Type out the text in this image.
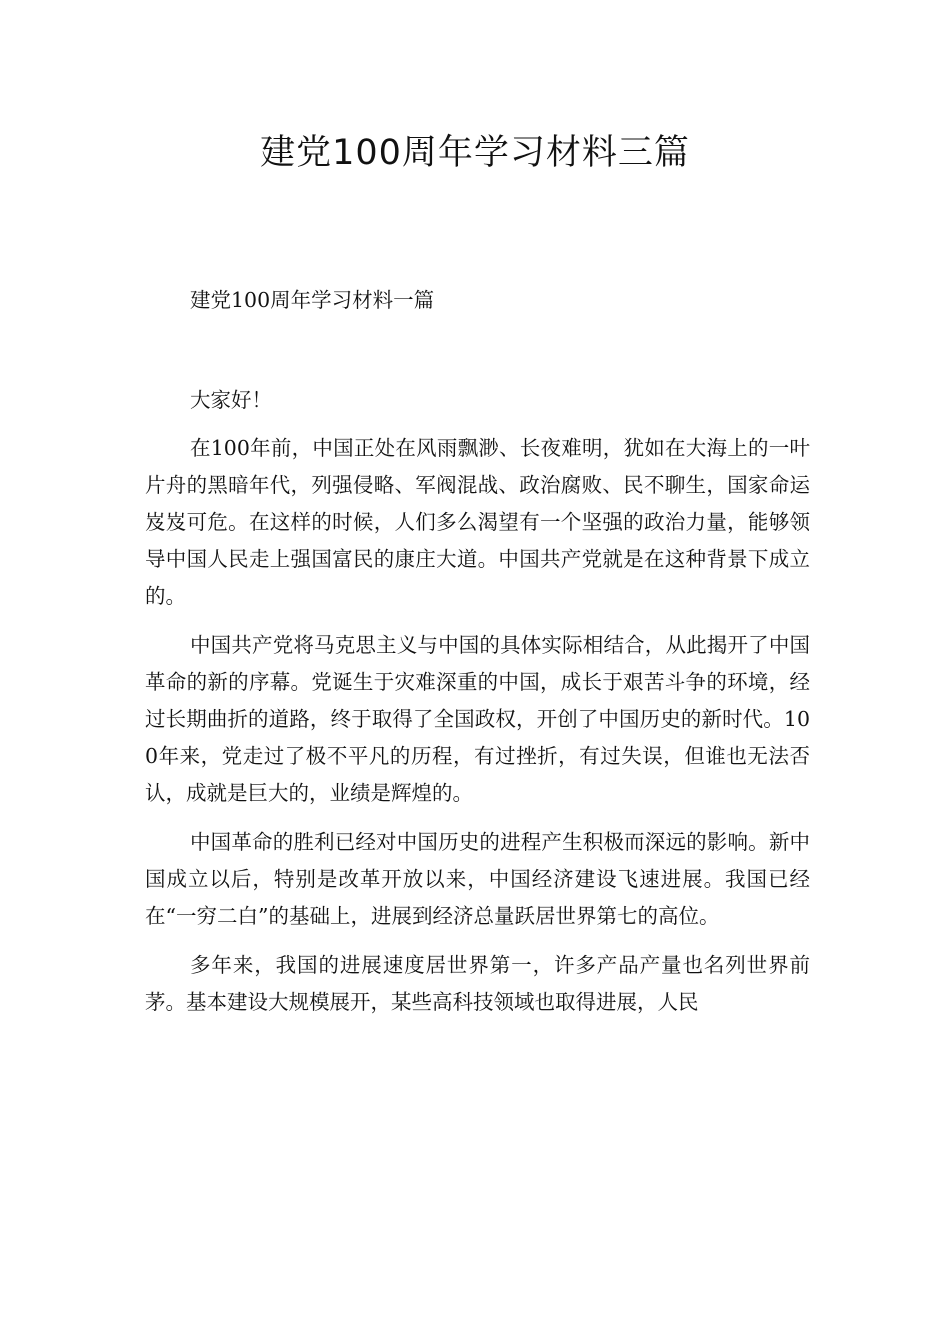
建党100周年学习材料三篇
建党100周年学习材料一篇
大家好！

在100年前，中国正处在风雨飘渺、长夜难明，犹如在大海上的一叶片舟的黑暗年代，列强侵略、军阀混战、政治腐败、民不聊生，国家命运岌岌可危。在这样的时候，人们多么渴望有一个坚强的政治力量，能够领导中国人民走上强国富民的康庄大道。中国共产党就是在这种背景下成立的。

中国共产党将马克思主义与中国的具体实际相结合，从此揭开了中国革命的新的序幕。党诞生于灾难深重的中国，成长于艰苦斗争的环境，经过长期曲折的道路，终于取得了全国政权，开创了中国历史的新时代。100年来，党走过了极不平凡的历程，有过挫折，有过失误，但谁也无法否认，成就是巨大的，业绩是辉煌的。

中国革命的胜利已经对中国历史的进程产生积极而深远的影响。新中国成立以后，特别是改革开放以来，中国经济建设飞速进展。我国已经在“一穷二白”的基础上，进展到经济总量跃居世界第七的高位。

多年来，我国的进展速度居世界第一，许多产品产量也名列世界前茅。基本建设大规模展开，某些高科技领域也取得进展，人民
